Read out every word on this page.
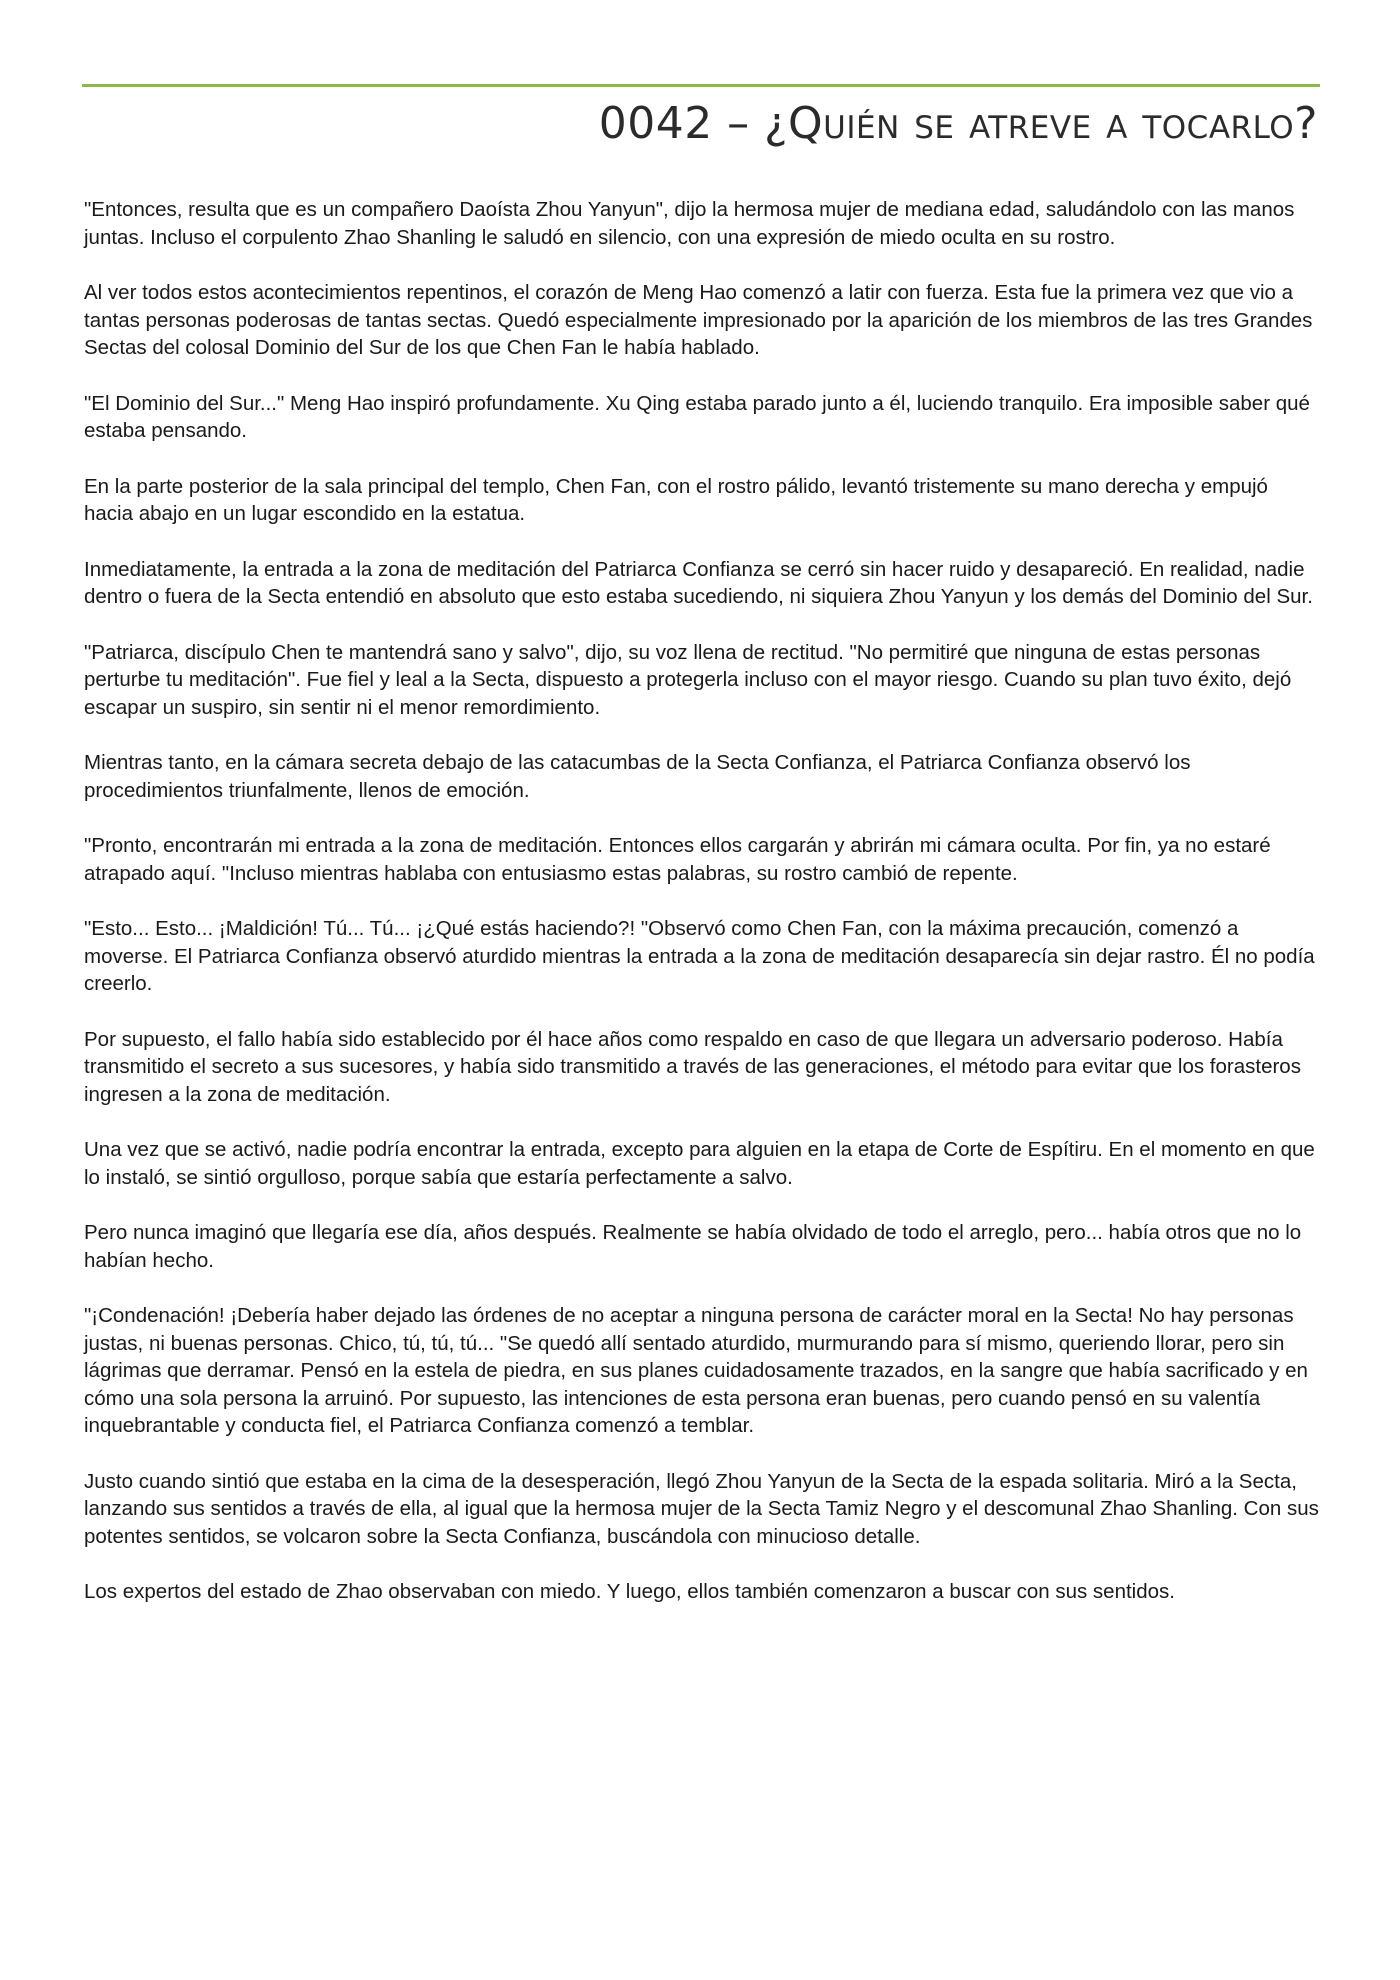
0042 – ¿Quién se atreve a tocarlo?

"Entonces, resulta que es un compañero Daoísta Zhou Yanyun", dijo la hermosa mujer de mediana edad, saludándolo con las manos juntas. Incluso el corpulento Zhao Shanling le saludó en silencio, con una expresión de miedo oculta en su rostro.

Al ver todos estos acontecimientos repentinos, el corazón de Meng Hao comenzó a latir con fuerza. Esta fue la primera vez que vio a tantas personas poderosas de tantas sectas. Quedó especialmente impresionado por la aparición de los miembros de las tres Grandes Sectas del colosal Dominio del Sur de los que Chen Fan le había hablado.

"El Dominio del Sur..." Meng Hao inspiró profundamente. Xu Qing estaba parado junto a él, luciendo tranquilo. Era imposible saber qué estaba pensando.

En la parte posterior de la sala principal del templo, Chen Fan, con el rostro pálido, levantó tristemente su mano derecha y empujó hacia abajo en un lugar escondido en la estatua.

Inmediatamente, la entrada a la zona de meditación del Patriarca Confianza se cerró sin hacer ruido y desapareció. En realidad, nadie dentro o fuera de la Secta entendió en absoluto que esto estaba sucediendo, ni siquiera Zhou Yanyun y los demás del Dominio del Sur.

"Patriarca, discípulo Chen te mantendrá sano y salvo", dijo, su voz llena de rectitud. "No permitiré que ninguna de estas personas perturbe tu meditación". Fue fiel y leal a la Secta, dispuesto a protegerla incluso con el mayor riesgo. Cuando su plan tuvo éxito, dejó escapar un suspiro, sin sentir ni el menor remordimiento.

Mientras tanto, en la cámara secreta debajo de las catacumbas de la Secta Confianza, el Patriarca Confianza observó los procedimientos triunfalmente, llenos de emoción.

"Pronto, encontrarán mi entrada a la zona de meditación. Entonces ellos cargarán y abrirán mi cámara oculta. Por fin, ya no estaré atrapado aquí. "Incluso mientras hablaba con entusiasmo estas palabras, su rostro cambió de repente.

"Esto... Esto... ¡Maldición! Tú... Tú... ¡¿Qué estás haciendo?! "Observó como Chen Fan, con la máxima precaución, comenzó a moverse. El Patriarca Confianza observó aturdido mientras la entrada a la zona de meditación desaparecía sin dejar rastro. Él no podía creerlo.

Por supuesto, el fallo había sido establecido por él hace años como respaldo en caso de que llegara un adversario poderoso. Había transmitido el secreto a sus sucesores, y había sido transmitido a través de las generaciones, el método para evitar que los forasteros ingresen a la zona de meditación.

Una vez que se activó, nadie podría encontrar la entrada, excepto para alguien en la etapa de Corte de Espítiru. En el momento en que lo instaló, se sintió orgulloso, porque sabía que estaría perfectamente a salvo.

Pero nunca imaginó que llegaría ese día, años después. Realmente se había olvidado de todo el arreglo, pero... había otros que no lo habían hecho.

"¡Condenación! ¡Debería haber dejado las órdenes de no aceptar a ninguna persona de carácter moral en la Secta! No hay personas justas, ni buenas personas. Chico, tú, tú, tú... "Se quedó allí sentado aturdido, murmurando para sí mismo, queriendo llorar, pero sin lágrimas que derramar. Pensó en la estela de piedra, en sus planes cuidadosamente trazados, en la sangre que había sacrificado y en cómo una sola persona la arruinó. Por supuesto, las intenciones de esta persona eran buenas, pero cuando pensó en su valentía inquebrantable y conducta fiel, el Patriarca Confianza comenzó a temblar.

Justo cuando sintió que estaba en la cima de la desesperación, llegó Zhou Yanyun de la Secta de la espada solitaria. Miró a la Secta, lanzando sus sentidos a través de ella, al igual que la hermosa mujer de la Secta Tamiz Negro y el descomunal Zhao Shanling. Con sus potentes sentidos, se volcaron sobre la Secta Confianza, buscándola con minucioso detalle.

Los expertos del estado de Zhao observaban con miedo. Y luego, ellos también comenzaron a buscar con sus sentidos.
